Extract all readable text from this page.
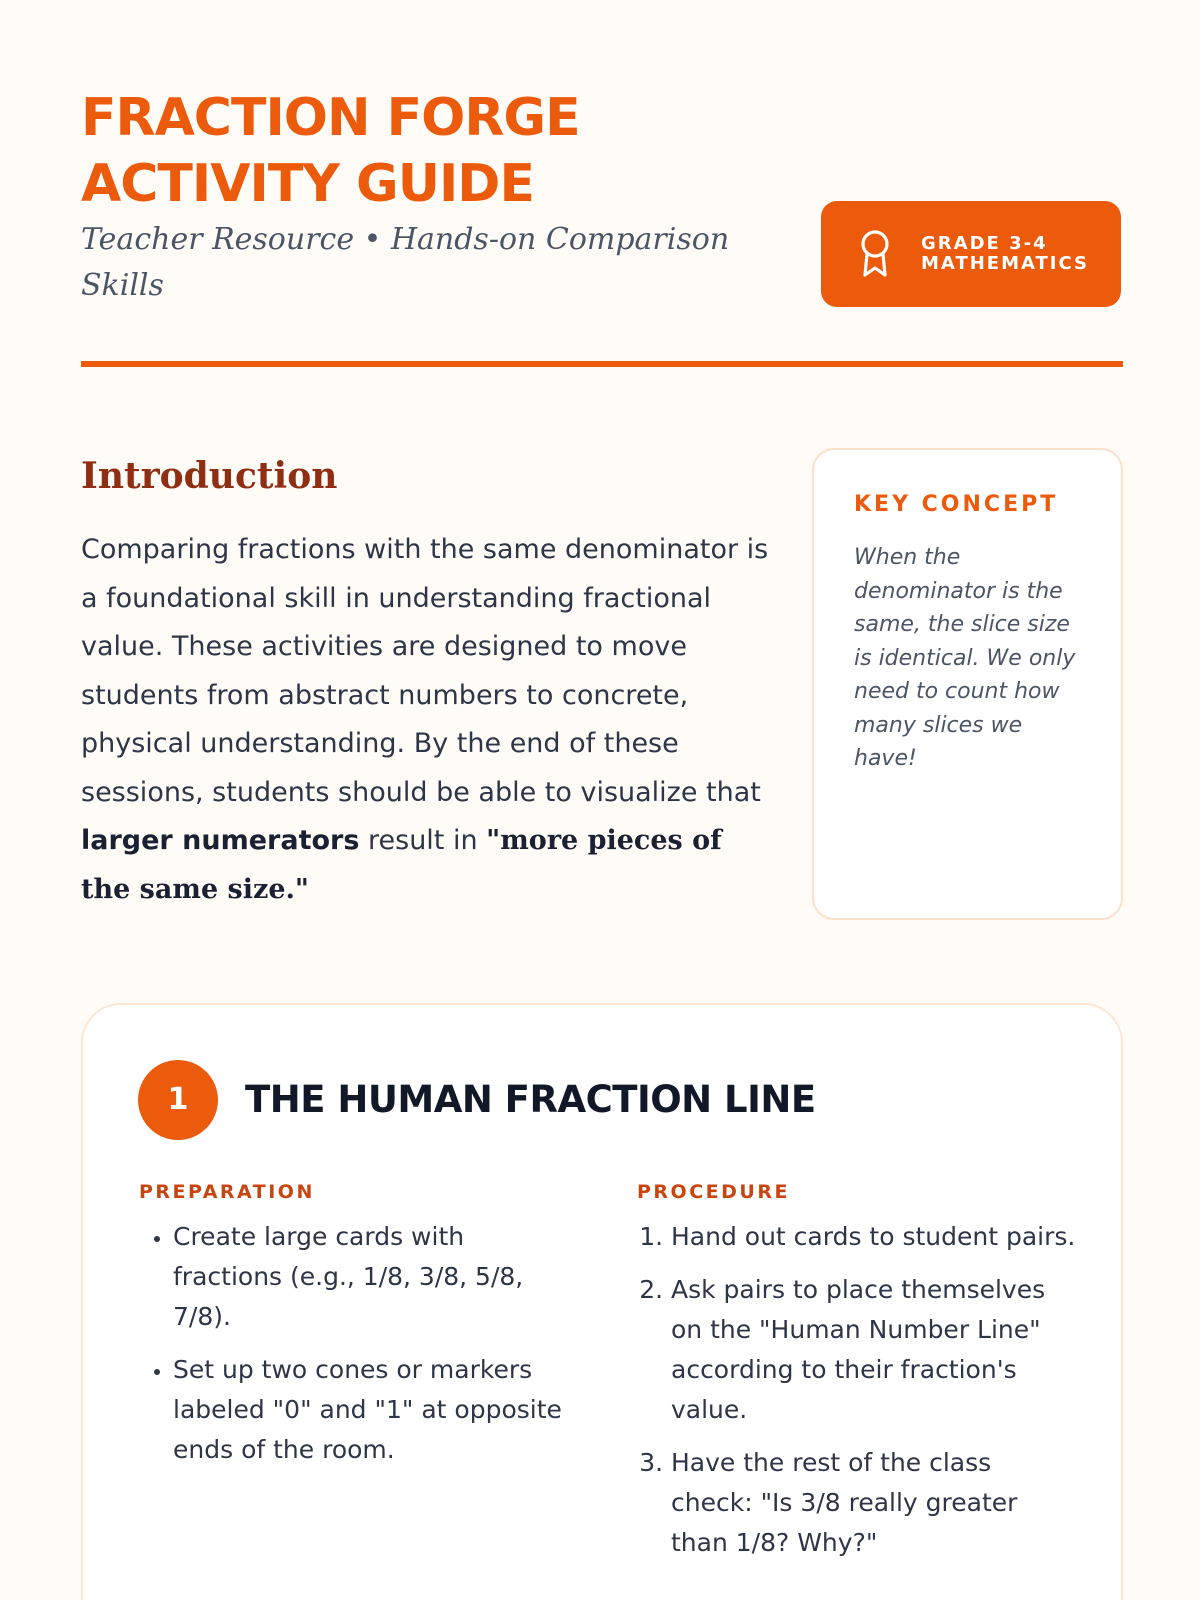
FRACTION FORGE
ACTIVITY GUIDE

Teacher Resource • Hands-on Comparison Skills

GRADE 3-4
MATHEMATICS
Introduction

Comparing fractions with the same denominator is a foundational skill in understanding fractional value. These activities are designed to move students from abstract numbers to concrete, physical understanding. By the end of these sessions, students should be able to visualize that larger numerators result in "more pieces of the same size."

KEY CONCEPT

When the denominator is the same, the slice size is identical. We only need to count how many slices we have!

1	THE HUMAN FRACTION LINE
PREPARATION
• Create large cards with fractions (e.g., 1/8, 3/8, 5/8, 7/8).
• Set up two cones or markers labeled "0" and "1" at opposite ends of the room.
PROCEDURE
1. Hand out cards to student pairs.
2. Ask pairs to place themselves on the "Human Number Line" according to their fraction's value.
3. Have the rest of the class check: "Is 3/8 really greater than 1/8? Why?"
